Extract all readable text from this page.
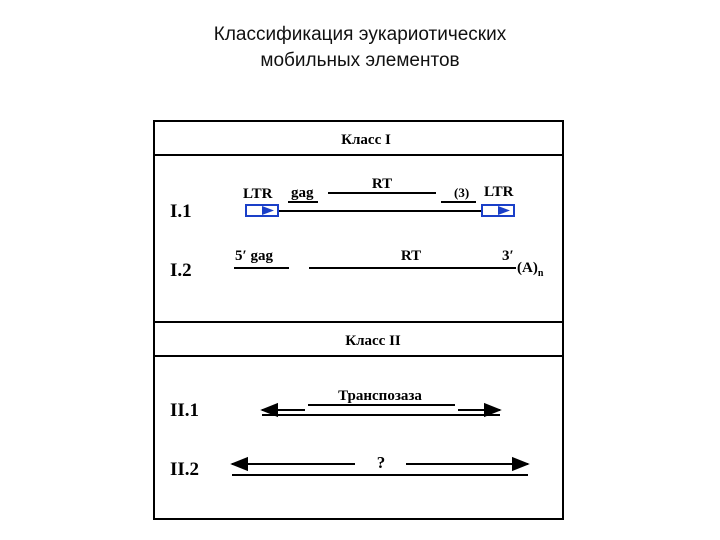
Классификация эукариотических
мобильных элементов
Класс I
I.1
LTR gag
RT
(3) LTR
I.2
5′ gag	RT	3′
$(A)_n$
Класс II
II.1
Транспозаза
II.2	?
